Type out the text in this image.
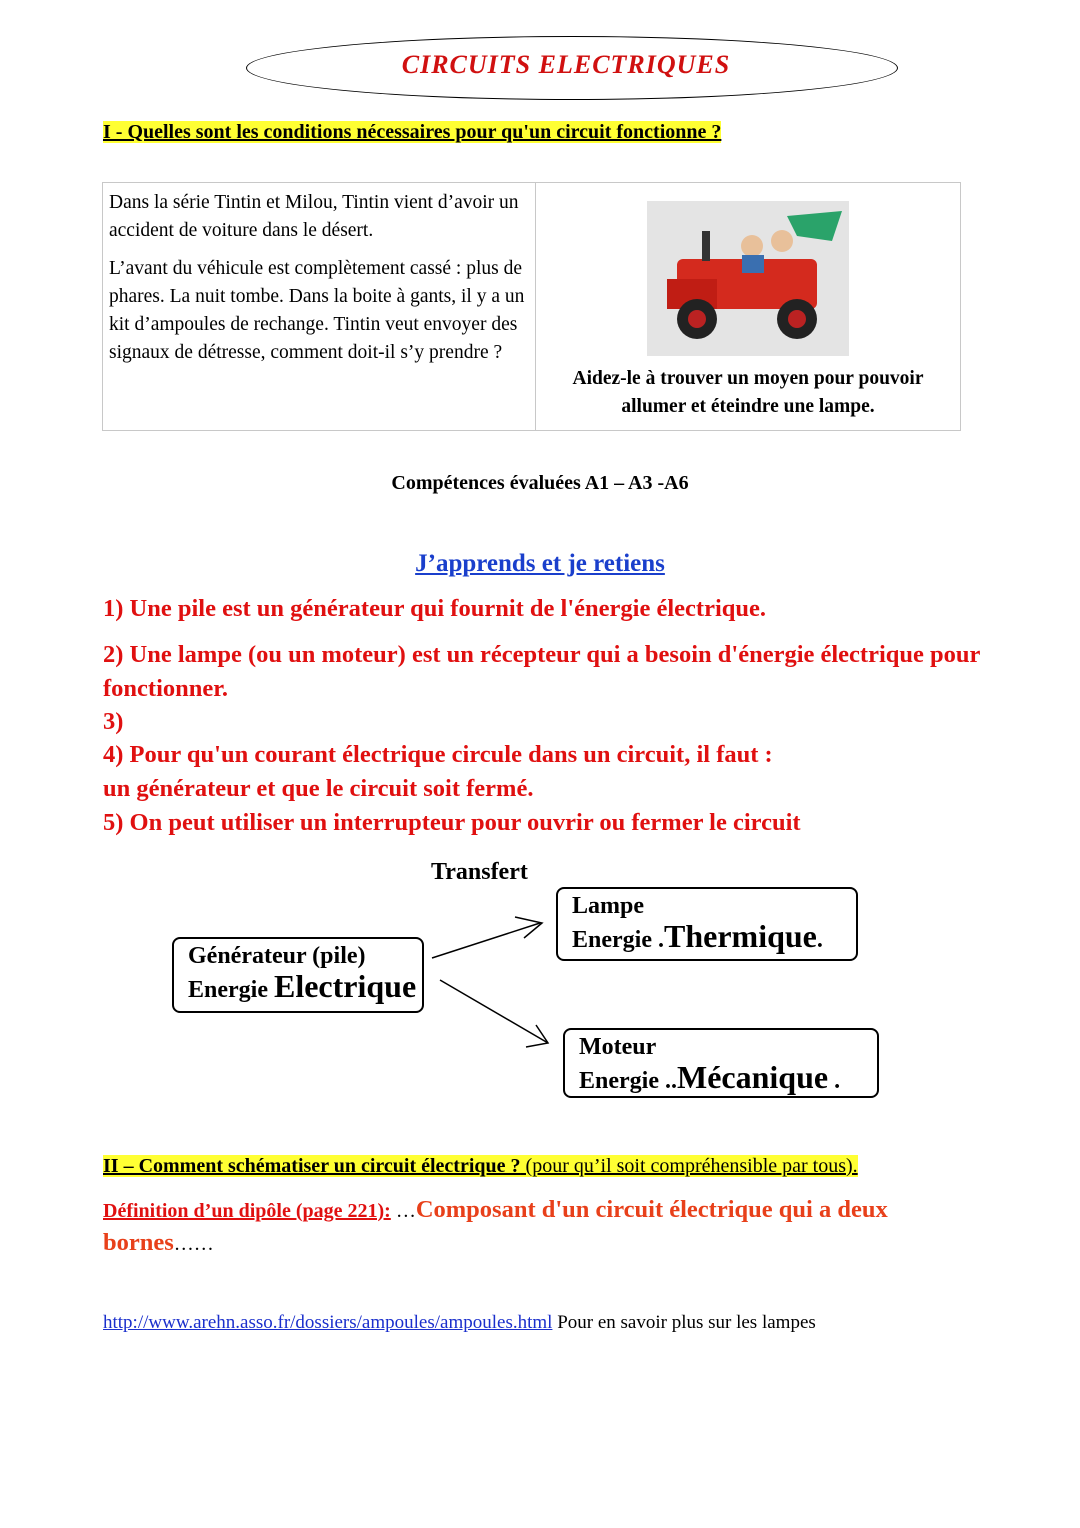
CIRCUITS ELECTRIQUES
I - Quelles sont les conditions nécessaires pour qu'un circuit fonctionne ?

Dans la série Tintin et Milou, Tintin vient d’avoir un accident de voiture dans le désert.

L’avant du véhicule est complètement cassé : plus de phares. La nuit tombe. Dans la boite à gants, il y a un kit d’ampoules de rechange. Tintin veut envoyer des signaux de détresse, comment doit-il s’y prendre ?

Aidez-le à trouver un moyen pour pouvoir allumer et éteindre une lampe.
Compétences évaluées A1 – A3 -A6
J’apprends et je retiens
1) Une pile est un générateur qui fournit de l'énergie électrique.
2) Une lampe (ou un moteur) est un récepteur qui a besoin d'énergie électrique pour fonctionner.
3)
4) Pour qu'un courant électrique circule dans un circuit, il faut :
un générateur et que le circuit soit fermé.
5) On peut utiliser un interrupteur pour ouvrir ou fermer le circuit
Transfert
Générateur (pile)
Energie Electrique
Lampe
Energie .Thermique.
Moteur
Energie ..Mécanique .
II – Comment schématiser un circuit électrique ? (pour qu’il soit compréhensible par tous).
Définition d’un dipôle (page 221): …Composant d'un circuit électrique qui a deux bornes……
http://www.arehn.asso.fr/dossiers/ampoules/ampoules.html Pour en savoir plus sur les lampes
